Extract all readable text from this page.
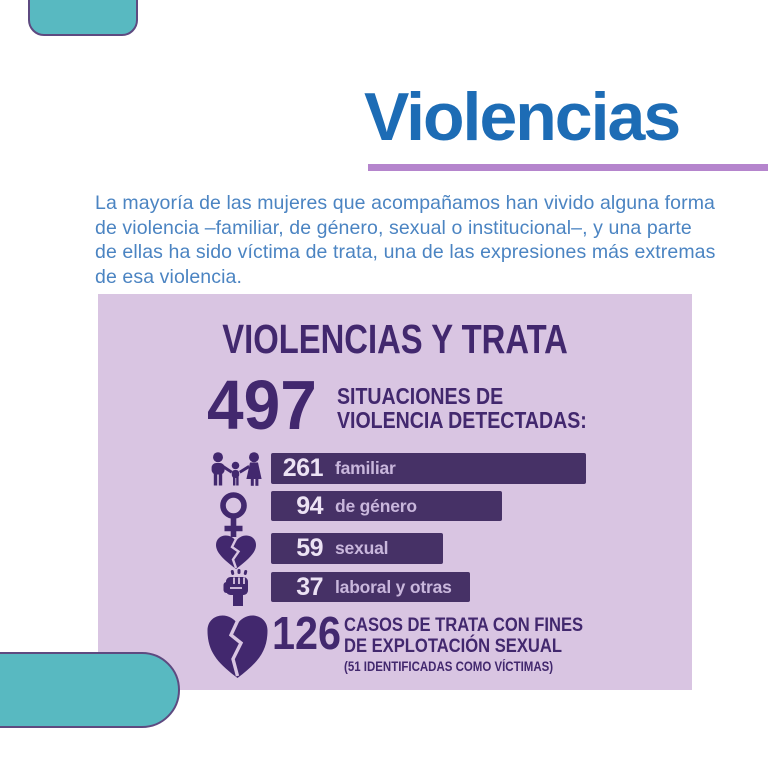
Violencias
La mayoría de las mujeres que acompañamos han vivido alguna forma
de violencia –familiar, de género, sexual o institucional–, y una parte
de ellas ha sido víctima de trata, una de las expresiones más extremas
de esa violencia.
VIOLENCIAS Y TRATA
497 SITUACIONES DE
VIOLENCIA DETECTADAS:
261 familiar
94 de género
59 sexual
37 laboral y otras
126 CASOS DE TRATA CON FINES
DE EXPLOTACIÓN SEXUAL
(51 IDENTIFICADAS COMO VÍCTIMAS)
